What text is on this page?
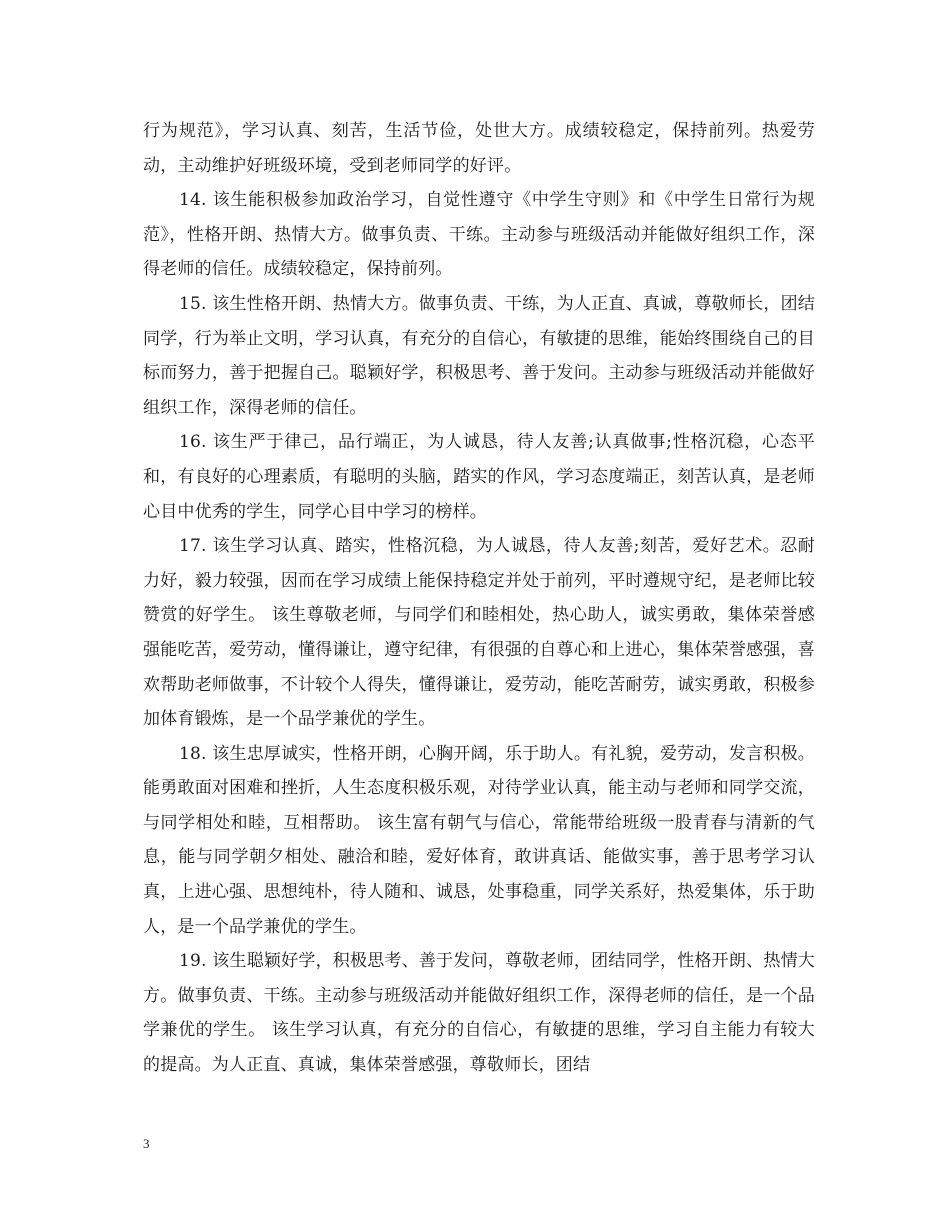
行为规范》，学习认真、刻苦，生活节俭，处世大方。成绩较稳定，保持前列。热爱劳动，主动维护好班级环境，受到老师同学的好评。

14. 该生能积极参加政治学习，自觉性遵守《中学生守则》和《中学生日常行为规范》，性格开朗、热情大方。做事负责、干练。主动参与班级活动并能做好组织工作，深得老师的信任。成绩较稳定，保持前列。

15. 该生性格开朗、热情大方。做事负责、干练，为人正直、真诚，尊敬师长，团结同学，行为举止文明，学习认真，有充分的自信心，有敏捷的思维，能始终围绕自己的目标而努力，善于把握自己。聪颖好学，积极思考、善于发问。主动参与班级活动并能做好组织工作，深得老师的信任。

16. 该生严于律己，品行端正，为人诚恳，待人友善;认真做事;性格沉稳，心态平和，有良好的心理素质，有聪明的头脑，踏实的作风，学习态度端正，刻苦认真，是老师心目中优秀的学生，同学心目中学习的榜样。

17. 该生学习认真、踏实，性格沉稳，为人诚恳，待人友善;刻苦，爱好艺术。忍耐力好，毅力较强，因而在学习成绩上能保持稳定并处于前列，平时遵规守纪，是老师比较赞赏的好学生。 该生尊敬老师，与同学们和睦相处，热心助人，诚实勇敢，集体荣誉感强能吃苦，爱劳动，懂得谦让，遵守纪律，有很强的自尊心和上进心，集体荣誉感强，喜欢帮助老师做事，不计较个人得失，懂得谦让，爱劳动，能吃苦耐劳，诚实勇敢，积极参加体育锻炼，是一个品学兼优的学生。

18. 该生忠厚诚实，性格开朗，心胸开阔，乐于助人。有礼貌，爱劳动，发言积极。能勇敢面对困难和挫折，人生态度积极乐观，对待学业认真，能主动与老师和同学交流，与同学相处和睦，互相帮助。 该生富有朝气与信心，常能带给班级一股青春与清新的气息，能与同学朝夕相处、融洽和睦，爱好体育，敢讲真话、能做实事，善于思考学习认真，上进心强、思想纯朴，待人随和、诚恳，处事稳重，同学关系好，热爱集体，乐于助人，是一个品学兼优的学生。

19. 该生聪颖好学，积极思考、善于发问，尊敬老师，团结同学，性格开朗、热情大方。做事负责、干练。主动参与班级活动并能做好组织工作，深得老师的信任，是一个品学兼优的学生。 该生学习认真，有充分的自信心，有敏捷的思维，学习自主能力有较大的提高。为人正直、真诚，集体荣誉感强，尊敬师长，团结

3
